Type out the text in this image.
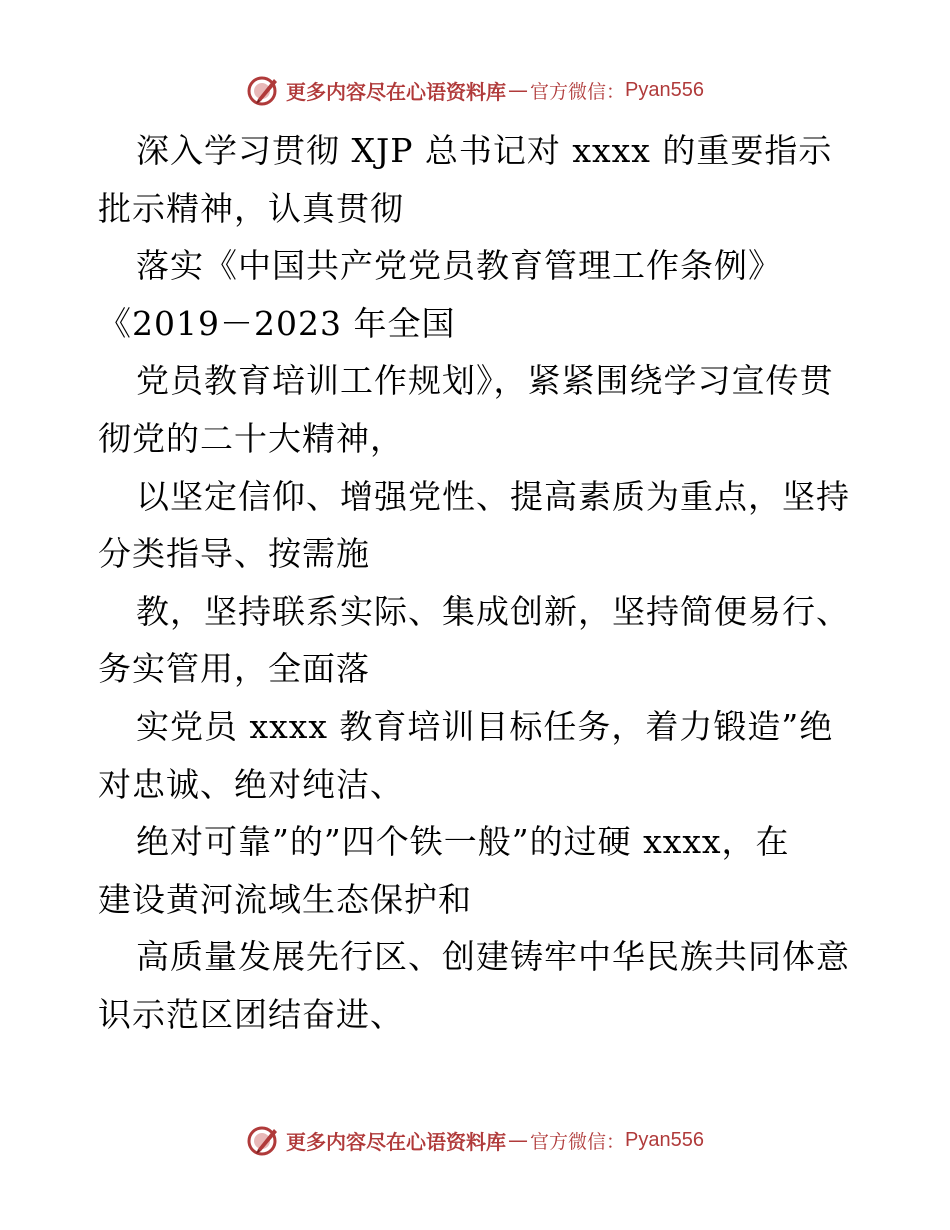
更多内容尽在心语资料库 — 官方微信： Pyan556
深入学习贯彻 XJP 总书记对 xxxx 的重要指示
批示精神，认真贯彻
落实《中国共产党党员教育管理工作条例》
《2019－2023 年全国
党员教育培训工作规划》，紧紧围绕学习宣传贯
彻党的二十大精神，
以坚定信仰、增强党性、提高素质为重点，坚持
分类指导、按需施
教，坚持联系实际、集成创新，坚持简便易行、
务实管用，全面落
实党员 xxxx 教育培训目标任务，着力锻造”绝
对忠诚、绝对纯洁、
绝对可靠”的”四个铁一般”的过硬 xxxx，在
建设黄河流域生态保护和
高质量发展先行区、创建铸牢中华民族共同体意
识示范区团结奋进、
更多内容尽在心语资料库 — 官方微信： Pyan556
